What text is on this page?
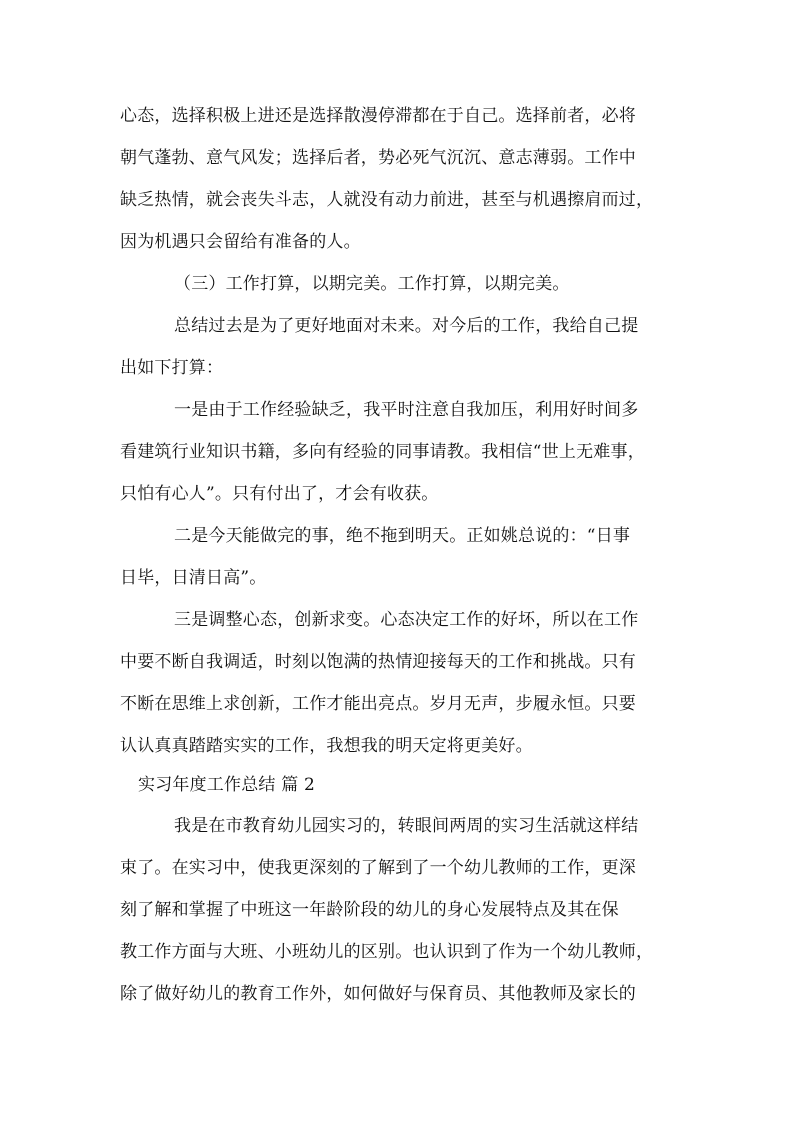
心态，选择积极上进还是选择散漫停滞都在于自己。选择前者，必将
朝气蓬勃、意气风发；选择后者，势必死气沉沉、意志薄弱。工作中
缺乏热情，就会丧失斗志，人就没有动力前进，甚至与机遇擦肩而过，
因为机遇只会留给有准备的人。
（三）工作打算，以期完美。工作打算，以期完美。
总结过去是为了更好地面对未来。对今后的工作，我给自己提
出如下打算：
一是由于工作经验缺乏，我平时注意自我加压，利用好时间多
看建筑行业知识书籍，多向有经验的同事请教。我相信“世上无难事，
只怕有心人”。只有付出了，才会有收获。
二是今天能做完的事，绝不拖到明天。正如姚总说的：“日事
日毕，日清日高”。
三是调整心态，创新求变。心态决定工作的好坏，所以在工作
中要不断自我调适，时刻以饱满的热情迎接每天的工作和挑战。只有
不断在思维上求创新，工作才能出亮点。岁月无声，步履永恒。只要
认认真真踏踏实实的工作，我想我的明天定将更美好。
实习年度工作总结 篇 2
我是在市教育幼儿园实习的，转眼间两周的实习生活就这样结
束了。在实习中，使我更深刻的了解到了一个幼儿教师的工作，更深
刻了解和掌握了中班这一年龄阶段的幼儿的身心发展特点及其在保
教工作方面与大班、小班幼儿的区别。也认识到了作为一个幼儿教师，
除了做好幼儿的教育工作外，如何做好与保育员、其他教师及家长的
